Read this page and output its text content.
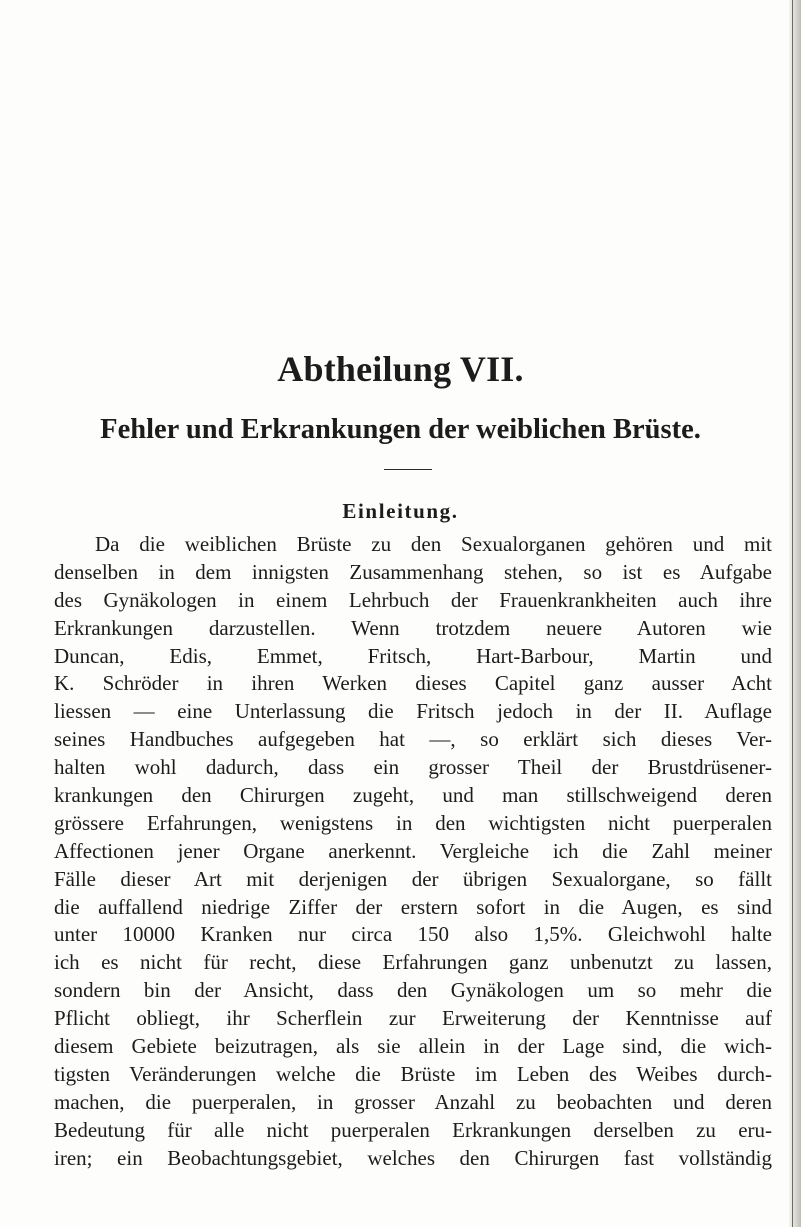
Abtheilung VII.
Fehler und Erkrankungen der weiblichen Brüste.
Einleitung.
Da die weiblichen Brüste zu den Sexualorganen gehören und mit
denselben in dem innigsten Zusammenhang stehen, so ist es Aufgabe
des Gynäkologen in einem Lehrbuch der Frauenkrankheiten auch ihre
Erkrankungen darzustellen. Wenn trotzdem neuere Autoren wie
Duncan, Edis, Emmet, Fritsch, Hart-Barbour, Martin und
K. Schröder in ihren Werken dieses Capitel ganz ausser Acht
liessen — eine Unterlassung die Fritsch jedoch in der II. Auflage
seines Handbuches aufgegeben hat —, so erklärt sich dieses Ver-
halten wohl dadurch, dass ein grosser Theil der Brustdrüsener-
krankungen den Chirurgen zugeht, und man stillschweigend deren
grössere Erfahrungen, wenigstens in den wichtigsten nicht puerperalen
Affectionen jener Organe anerkennt. Vergleiche ich die Zahl meiner
Fälle dieser Art mit derjenigen der übrigen Sexualorgane, so fällt
die auffallend niedrige Ziffer der erstern sofort in die Augen, es sind
unter 10000 Kranken nur circa 150 also 1,5%. Gleichwohl halte
ich es nicht für recht, diese Erfahrungen ganz unbenutzt zu lassen,
sondern bin der Ansicht, dass den Gynäkologen um so mehr die
Pflicht obliegt, ihr Scherflein zur Erweiterung der Kenntnisse auf
diesem Gebiete beizutragen, als sie allein in der Lage sind, die wich-
tigsten Veränderungen welche die Brüste im Leben des Weibes durch-
machen, die puerperalen, in grosser Anzahl zu beobachten und deren
Bedeutung für alle nicht puerperalen Erkrankungen derselben zu eru-
iren; ein Beobachtungsgebiet, welches den Chirurgen fast vollständig
